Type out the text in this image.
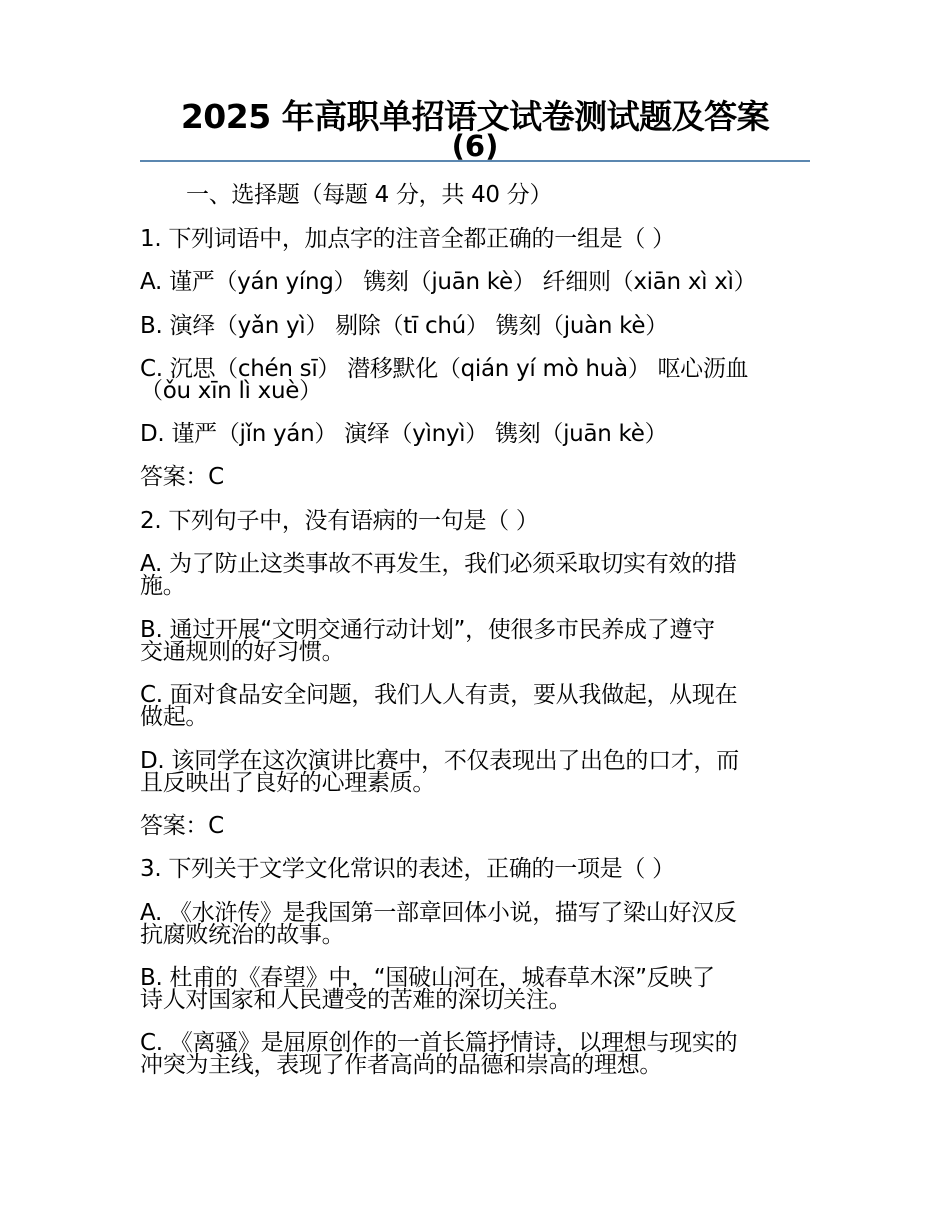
2025 年高职单招语文试卷测试题及答案
(6)
一、选择题（每题 4 分，共 40 分）
1. 下列词语中，加点字的注音全都正确的一组是（ ）
A. 谨严（yán yíng） 镌刻（juān kè） 纤细则（xiān xì xì）
B. 演绎（yǎn yì） 剔除（tī chú） 镌刻（juàn kè）
C. 沉思（chén sī） 潜移默化（qián yí mò huà） 呕心沥血
（ǒu xīn lì xuè）
D. 谨严（jǐn yán） 演绎（yìnyì） 镌刻（juān kè）
答案：C
2. 下列句子中，没有语病的一句是（ ）
A. 为了防止这类事故不再发生，我们必须采取切实有效的措
施。
B. 通过开展“文明交通行动计划”，使很多市民养成了遵守
交通规则的好习惯。
C. 面对食品安全问题，我们人人有责，要从我做起，从现在
做起。
D. 该同学在这次演讲比赛中，不仅表现出了出色的口才，而
且反映出了良好的心理素质。
答案：C
3. 下列关于文学文化常识的表述，正确的一项是（ ）
A. 《水浒传》是我国第一部章回体小说，描写了梁山好汉反
抗腐败统治的故事。
B. 杜甫的《春望》中，“国破山河在，城春草木深”反映了
诗人对国家和人民遭受的苦难的深切关注。
C. 《离骚》是屈原创作的一首长篇抒情诗，以理想与现实的
冲突为主线，表现了作者高尚的品德和崇高的理想。
